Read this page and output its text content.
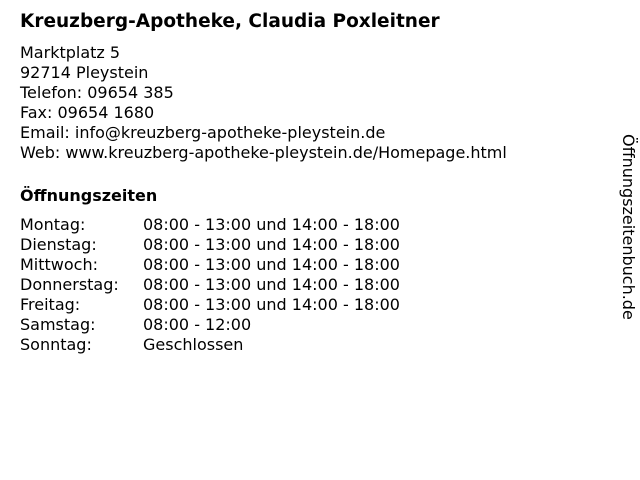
Kreuzberg-Apotheke, Claudia Poxleitner
Marktplatz 5
92714 Pleystein
Telefon: 09654 385
Fax: 09654 1680
Email: info@kreuzberg-apotheke-pleystein.de
Web: www.kreuzberg-apotheke-pleystein.de/Homepage.html
Öffnungszeiten
Montag:	08:00 - 13:00 und 14:00 - 18:00
Dienstag:	08:00 - 13:00 und 14:00 - 18:00
Mittwoch:	08:00 - 13:00 und 14:00 - 18:00
Donnerstag:	08:00 - 13:00 und 14:00 - 18:00
Freitag:	08:00 - 13:00 und 14:00 - 18:00
Samstag:	08:00 - 12:00
Sonntag:	Geschlossen
Öffnungszeitenbuch.de
